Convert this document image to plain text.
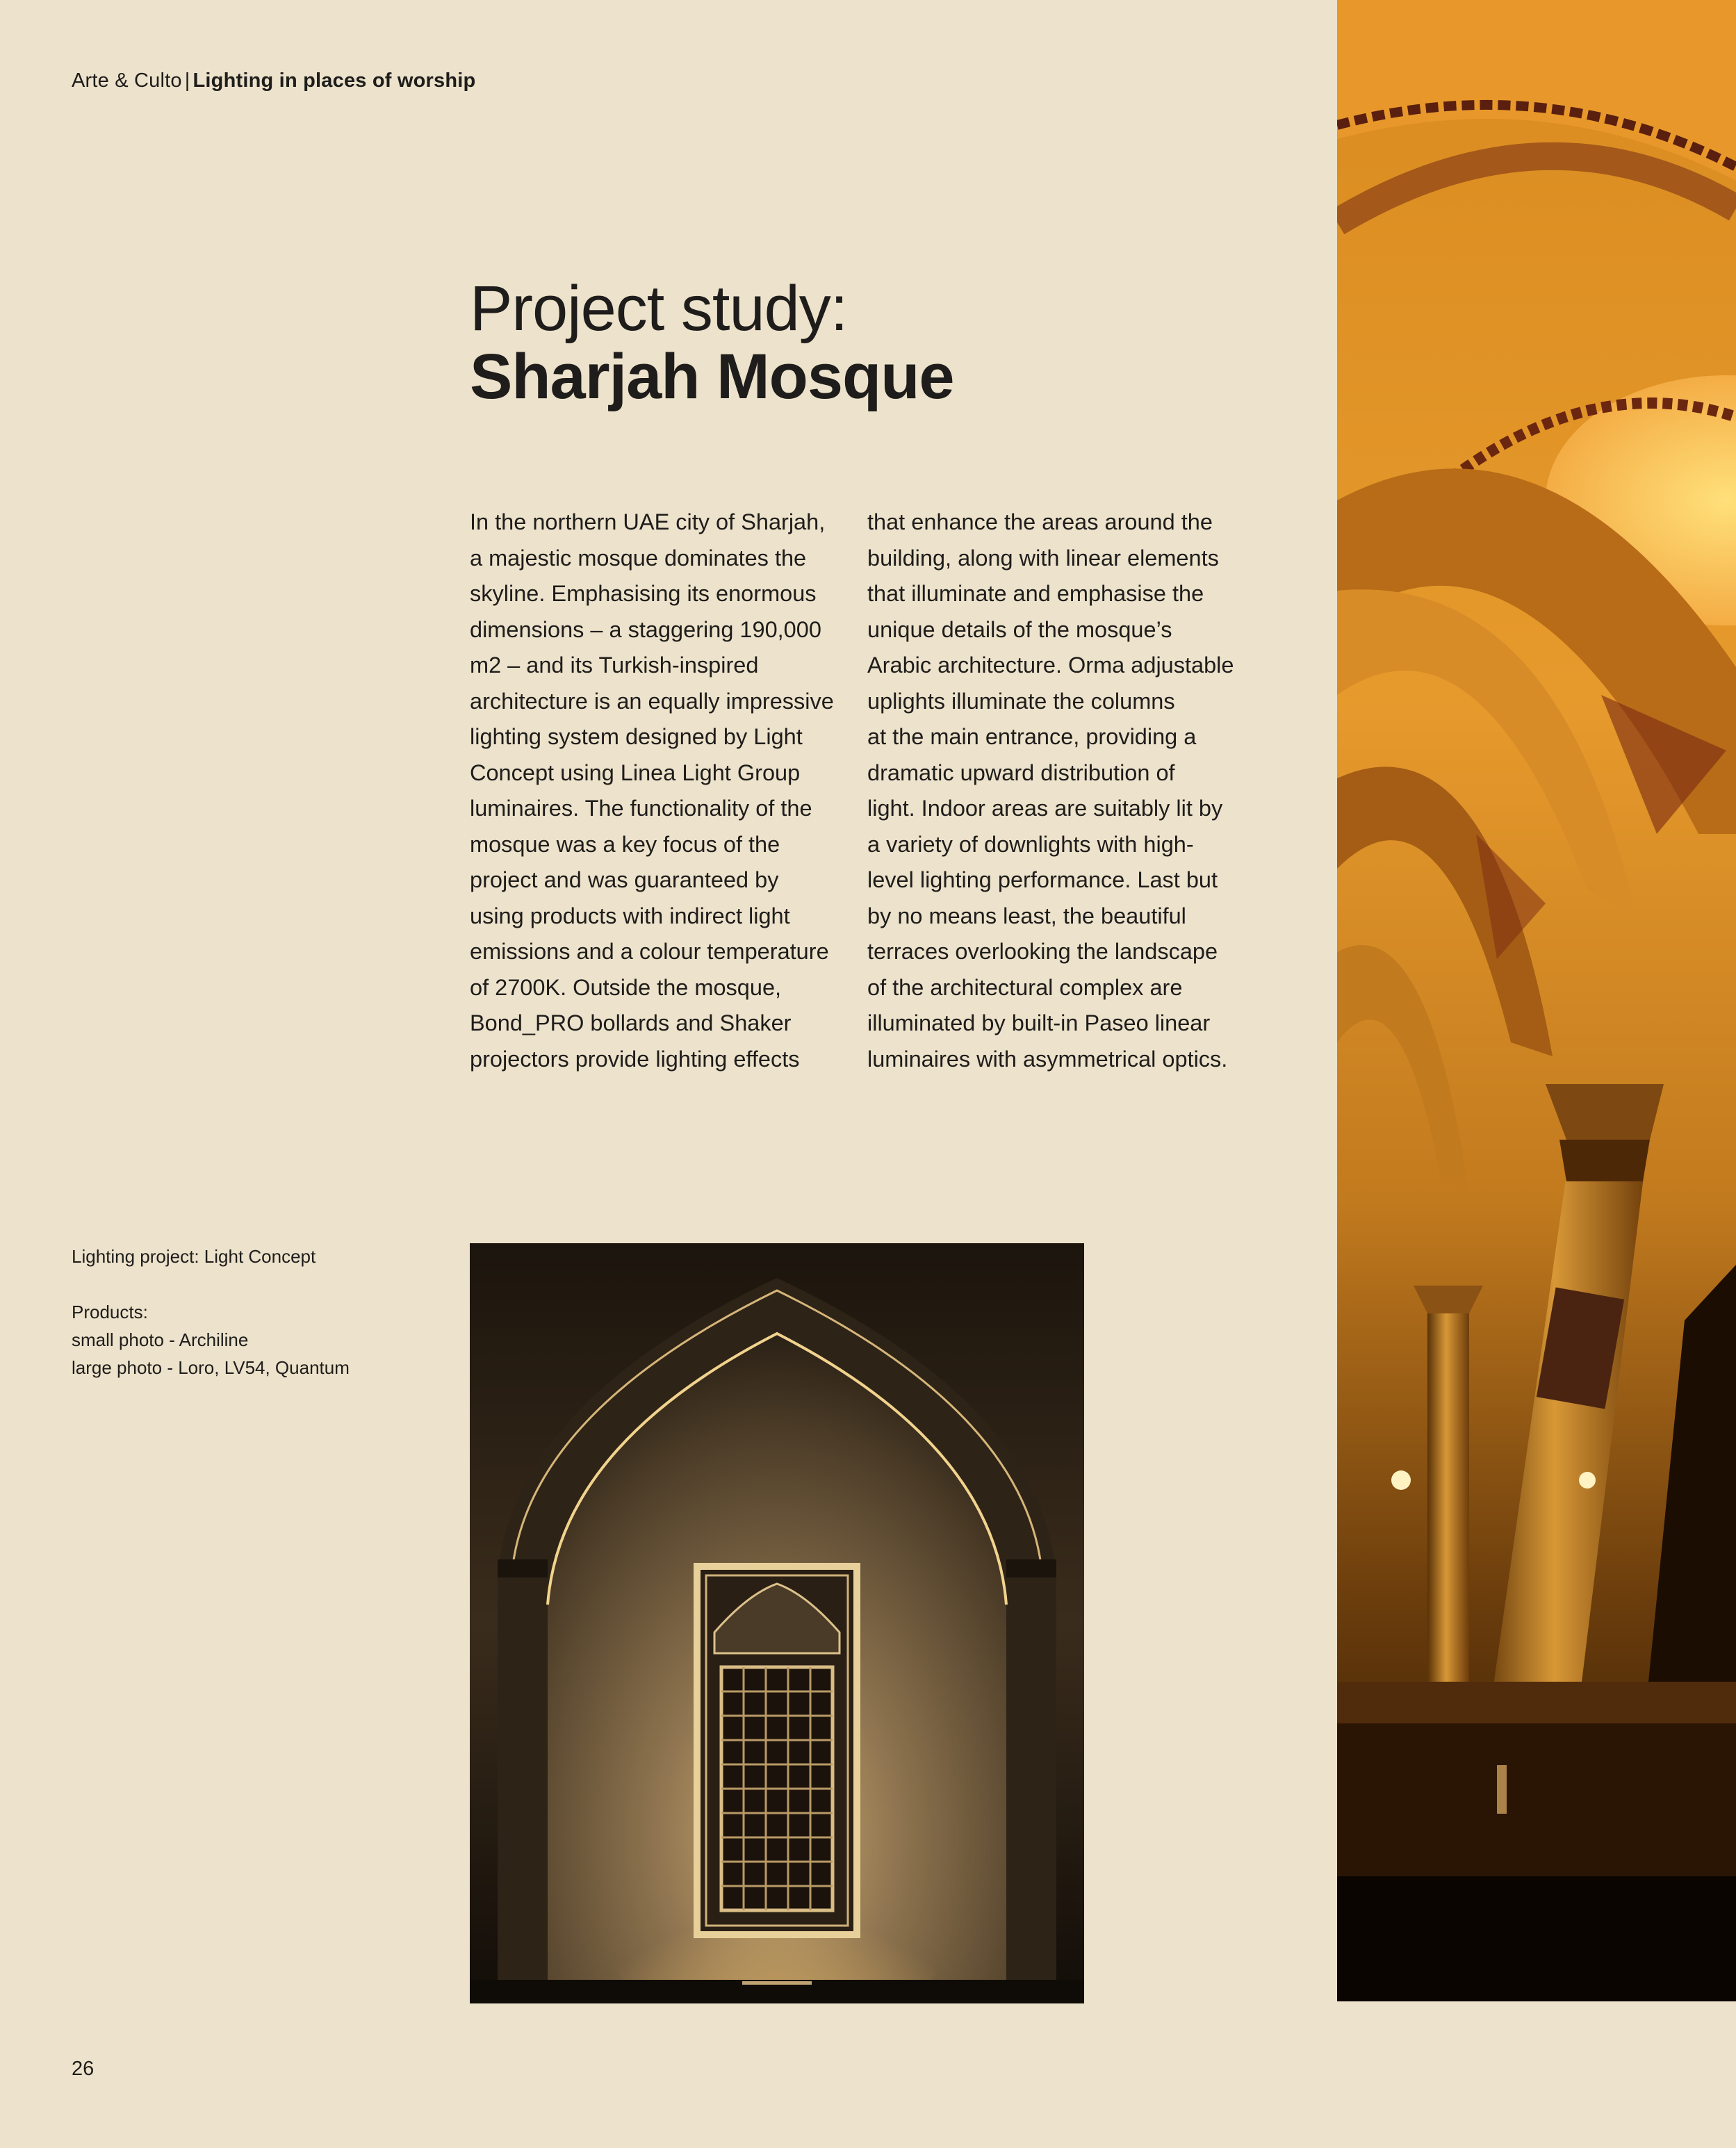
Arte & Culto | Lighting in places of worship
Project study:
Sharjah Mosque
In the northern UAE city of Sharjah,
a majestic mosque dominates the
skyline. Emphasising its enormous
dimensions – a staggering 190,000
m2 – and its Turkish-inspired
architecture is an equally impressive
lighting system designed by Light
Concept using Linea Light Group
luminaires. The functionality of the
mosque was a key focus of the
project and was guaranteed by
using products with indirect light
emissions and a colour temperature
of 2700K. Outside the mosque,
Bond_PRO bollards and Shaker
projectors provide lighting effects
that enhance the areas around the
building, along with linear elements
that illuminate and emphasise the
unique details of the mosque’s
Arabic architecture. Orma adjustable
uplights illuminate the columns
at the main entrance, providing a
dramatic upward distribution of
light. Indoor areas are suitably lit by
a variety of downlights with high-
level lighting performance. Last but
by no means least, the beautiful
terraces overlooking the landscape
of the architectural complex are
illuminated by built-in Paseo linear
luminaires with asymmetrical optics.
Lighting project: Light Concept
Products:
small photo - Archiline
large photo - Loro, LV54, Quantum
26
